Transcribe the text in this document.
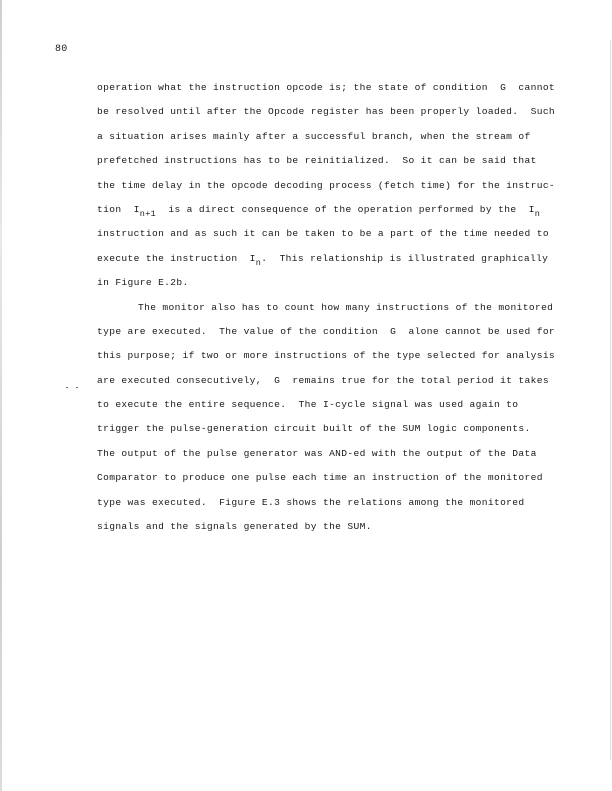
80
operation what the instruction opcode is; the state of condition  G  cannot
be resolved until after the Opcode register has been properly loaded.  Such
a situation arises mainly after a successful branch, when the stream of
prefetched instructions has to be reinitialized.  So it can be said that
the time delay in the opcode decoding process (fetch time) for the instruc-
tion  $I_{n+1}$  is a direct consequence of the operation performed by the  $I_n$
instruction and as such it can be taken to be a part of the time needed to
execute the instruction  $I_n$.  This relationship is illustrated graphically
in Figure E.2b.
The monitor also has to count how many instructions of the monitored
type are executed.  The value of the condition  G  alone cannot be used for
this purpose; if two or more instructions of the type selected for analysis
are executed consecutively,  G  remains true for the total period it takes
to execute the entire sequence.  The I-cycle signal was used again to
trigger the pulse-generation circuit built of the SUM logic components.
The output of the pulse generator was AND-ed with the output of the Data
Comparator to produce one pulse each time an instruction of the monitored
type was executed.  Figure E.3 shows the relations among the monitored
signals and the signals generated by the SUM.
